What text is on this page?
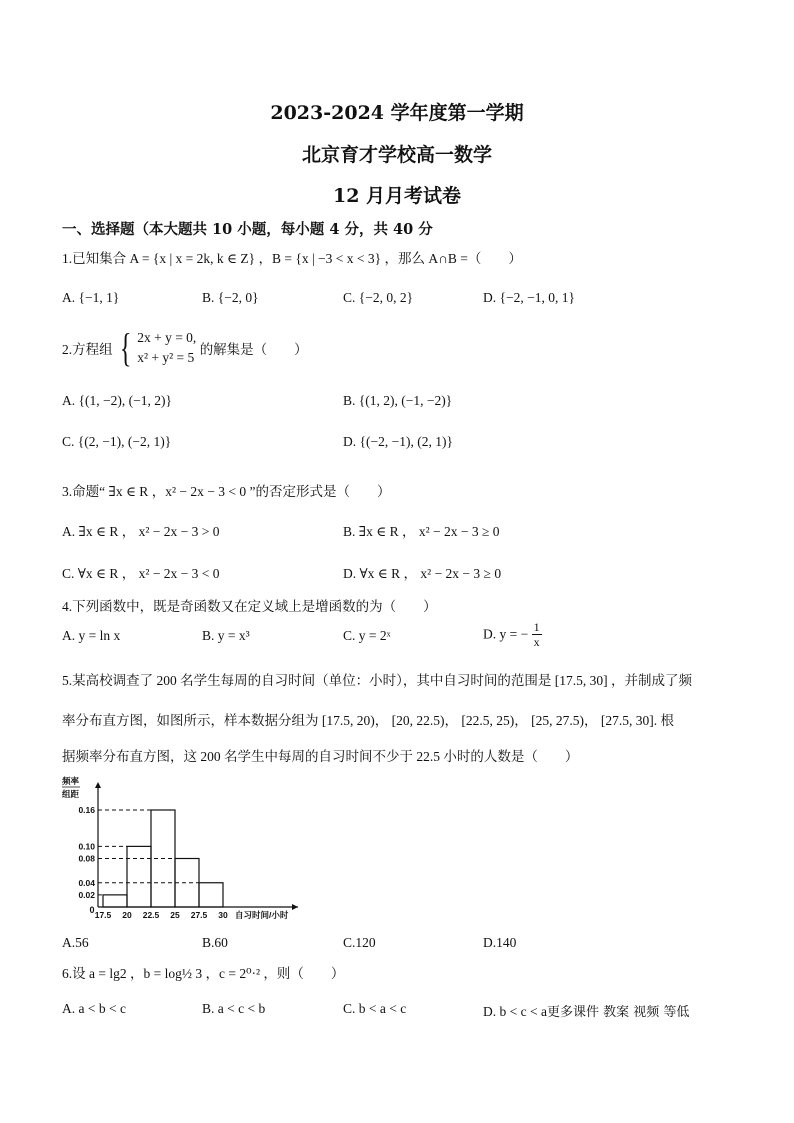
2023-2024 学年度第一学期
北京育才学校高一数学
12 月月考试卷
一、选择题（本大题共 10 小题，每小题 4 分，共 40 分
1.已知集合 A = {x | x = 2k, k ∈ Z} ，B = {x | −3 < x < 3} ，那么 A∩B =（　　）
A. {−1, 1}	B. {−2, 0}	C. {−2, 0, 2}	D. {−2, −1, 0, 1}
2.方程组 { 2x + y = 0,
x² + y² = 5
的解集是（　　）
A. {(1, −2), (−1, 2)}	B. {(1, 2), (−1, −2)}
C. {(2, −1), (−2, 1)}	D. {(−2, −1), (2, 1)}
3.命题“ ∃x ∈ R ，x² − 2x − 3 < 0 ”的否定形式是（　　）
A. ∃x ∈ R ， x² − 2x − 3 > 0	B. ∃x ∈ R ， x² − 2x − 3 ≥ 0
C. ∀x ∈ R ， x² − 2x − 3 < 0	D. ∀x ∈ R ， x² − 2x − 3 ≥ 0
4.下列函数中，既是奇函数又在定义域上是增函数的为（　　）
A. y = ln x	B. y = x³	C. y = 2ˣ	D. y = − $\frac{1}{x}$
5.某高校调查了 200 名学生每周的自习时间（单位：小时），其中自习时间的范围是 [17.5, 30] ，并制成了频
率分布直方图，如图所示，样本数据分组为 [17.5, 20)， [20, 22.5)， [22.5, 25)， [25, 27.5)， [27.5, 30]. 根
据频率分布直方图，这 200 名学生中每周的自习时间不少于 22.5 小时的人数是（　　）
0.02
0.04
0.08
0.10
0.16
17.5 20 22.5 25 27.5 30
0
频率
组距
自习时间/小时
A.56	B.60	C.120	D.140
6.设 a = lg2 ，b = log½ 3 ，c = 2⁰·² ，则（　　）
A. a < b < c	B. a < c < b	C. b < a < c	D. b < c < a更多课件 教案 视频 等低
